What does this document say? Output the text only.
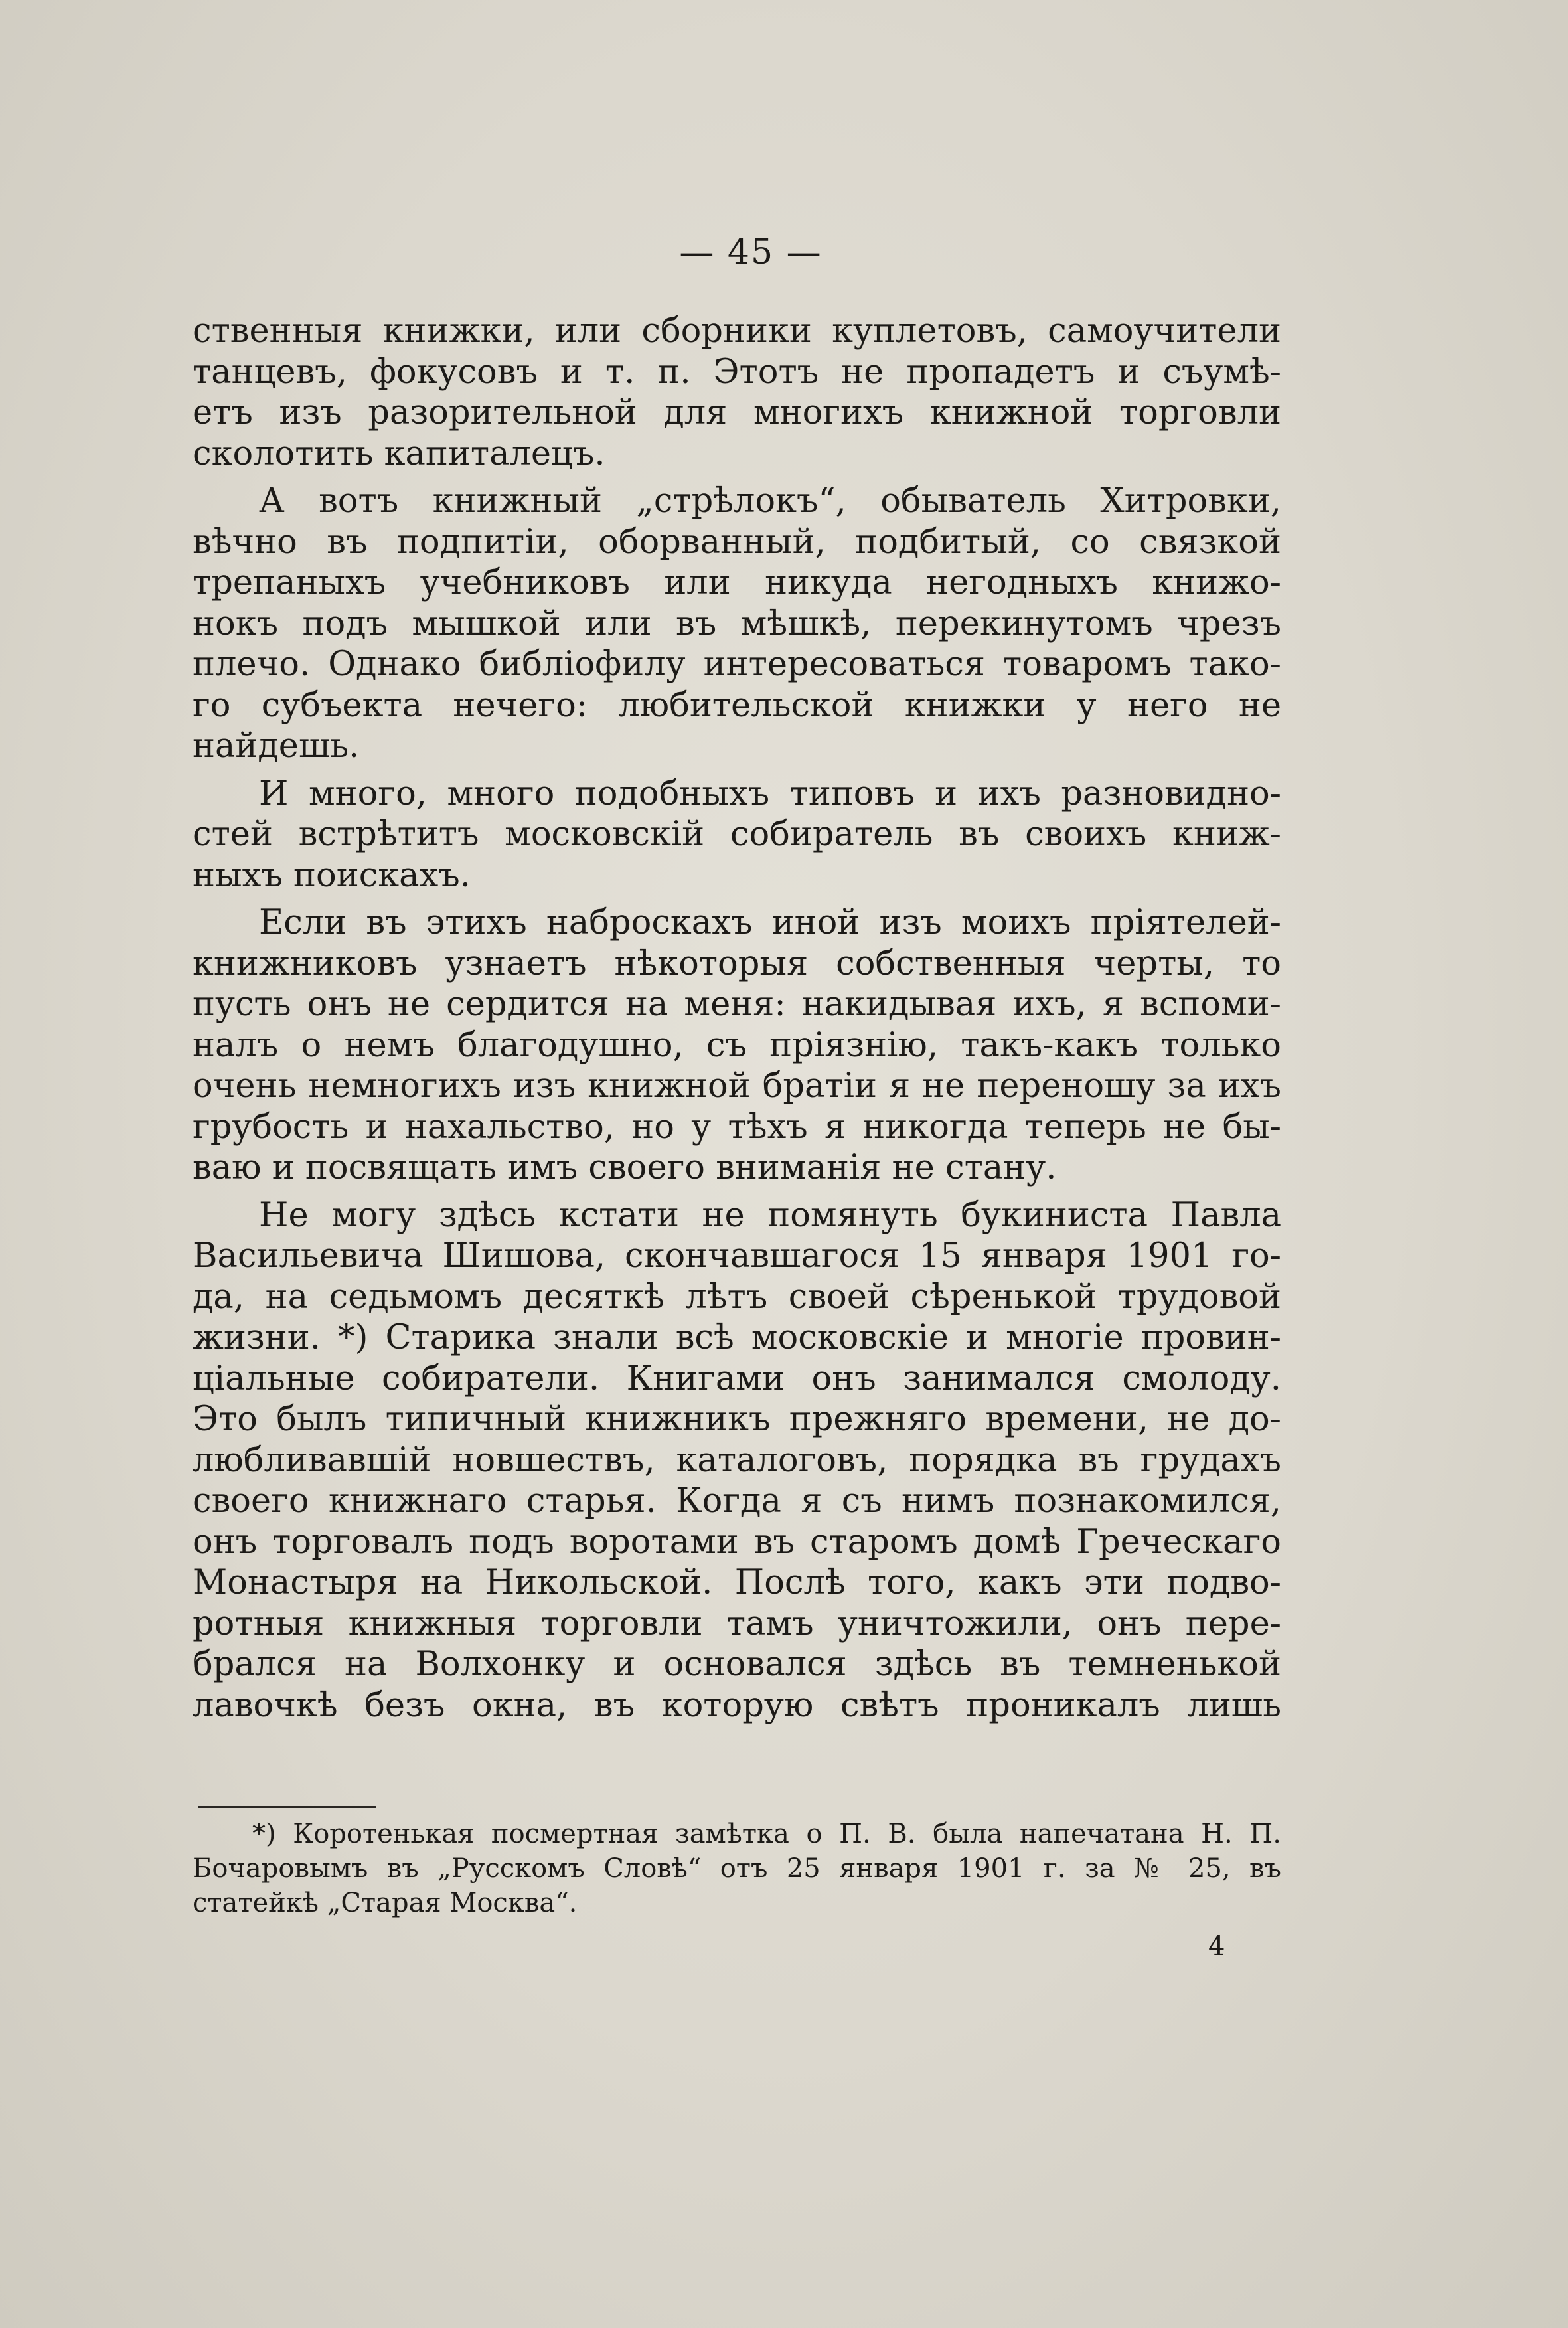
— 45 —

ственныя книжки, или сборники куплетовъ, самоучители
танцевъ, фокусовъ и т. п. Этотъ не пропадетъ и съумѣ-
етъ изъ разорительной для многихъ книжной торговли
сколотить капиталецъ.

А вотъ книжный „стрѣлокъ“, обыватель Хитровки,
вѣчно въ подпитіи, оборванный, подбитый, со связкой
трепаныхъ учебниковъ или никуда негодныхъ книжо-
нокъ подъ мышкой или въ мѣшкѣ, перекинутомъ чрезъ
плечо. Однако библіофилу интересоваться товаромъ тако-
го субъекта нечего: любительской книжки у него не
найдешь.

И много, много подобныхъ типовъ и ихъ разновидно-
стей встрѣтитъ московскій собиратель въ своихъ книж-
ныхъ поискахъ.

Если въ этихъ наброскахъ иной изъ моихъ пріятелей-
книжниковъ узнаетъ нѣкоторыя собственныя черты, то
пусть онъ не сердится на меня: накидывая ихъ, я вспоми-
налъ о немъ благодушно, съ пріязнію, такъ-какъ только
очень немногихъ изъ книжной братіи я не переношу за ихъ
грубость и нахальство, но у тѣхъ я никогда теперь не бы-
ваю и посвящать имъ своего вниманія не стану.

Не могу здѣсь кстати не помянуть букиниста Павла
Васильевича Шишова, скончавшагося 15 января 1901 го-
да, на седьмомъ десяткѣ лѣтъ своей сѣренькой трудовой
жизни. *) Старика знали всѣ московскіе и многіе провин-
ціальные собиратели. Книгами онъ занимался смолоду.
Это былъ типичный книжникъ прежняго времени, не до-
любливавшій новшествъ, каталоговъ, порядка въ грудахъ
своего книжнаго старья. Когда я съ нимъ познакомился,
онъ торговалъ подъ воротами въ старомъ домѣ Греческаго
Монастыря на Никольской. Послѣ того, какъ эти подво-
ротныя книжныя торговли тамъ уничтожили, онъ пере-
брался на Волхонку и основался здѣсь въ темненькой
лавочкѣ безъ окна, въ которую свѣтъ проникалъ лишь

*) Коротенькая посмертная замѣтка о П. В. была напечатана Н. П.
Бочаровымъ въ „Русскомъ Словѣ“ отъ 25 января 1901 г. за № 25, въ
статейкѣ „Старая Москва“.
4
